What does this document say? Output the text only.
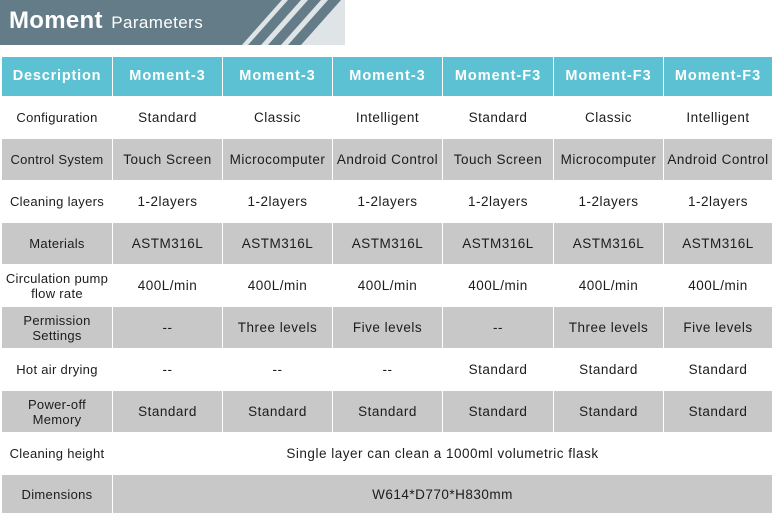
Moment Parameters
Description	Moment-3	Moment-3	Moment-3	Moment-F3	Moment-F3	Moment-F3
Configuration	Standard	Classic	Intelligent	Standard	Classic	Intelligent
Control System	Touch Screen	Microcomputer	Android Control	Touch Screen	Microcomputer	Android Control
Cleaning layers	1-2layers	1-2layers	1-2layers	1-2layers	1-2layers	1-2layers
Materials	ASTM316L	ASTM316L	ASTM316L	ASTM316L	ASTM316L	ASTM316L
Circulation pump flow rate	400L/min	400L/min	400L/min	400L/min	400L/min	400L/min
Permission Settings	--	Three levels	Five levels	--	Three levels	Five levels
Hot air drying	--	--	--	Standard	Standard	Standard
Power-off Memory	Standard	Standard	Standard	Standard	Standard	Standard
Cleaning height	Single layer can clean a 1000ml volumetric flask					
Dimensions	W614*D770*H830mm					
